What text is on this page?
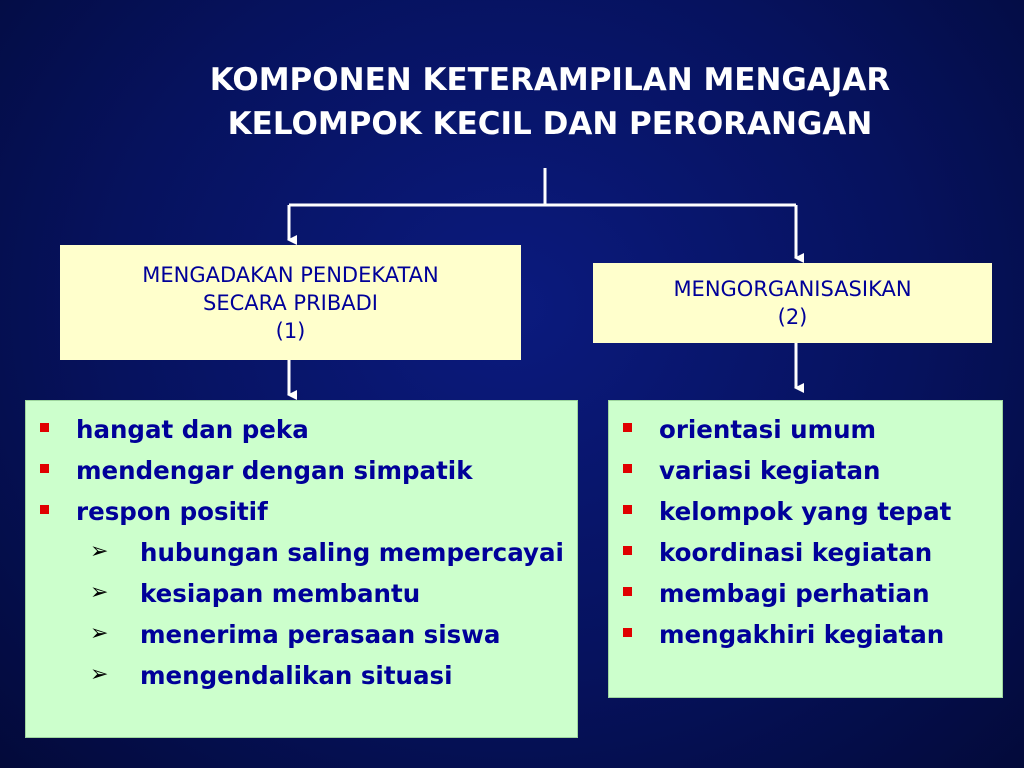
KOMPONEN KETERAMPILAN MENGAJAR
KELOMPOK KECIL DAN PERORANGAN
MENGADAKAN PENDEKATAN
SECARA PRIBADI
(1)
MENGORGANISASIKAN
(2)
hangat dan peka
mendengar dengan simpatik
respon positif
➢ hubungan saling mempercayai
➢ kesiapan membantu
➢ menerima perasaan siswa
➢ mengendalikan situasi
orientasi umum
variasi kegiatan
kelompok yang tepat
koordinasi kegiatan
membagi perhatian
mengakhiri kegiatan
